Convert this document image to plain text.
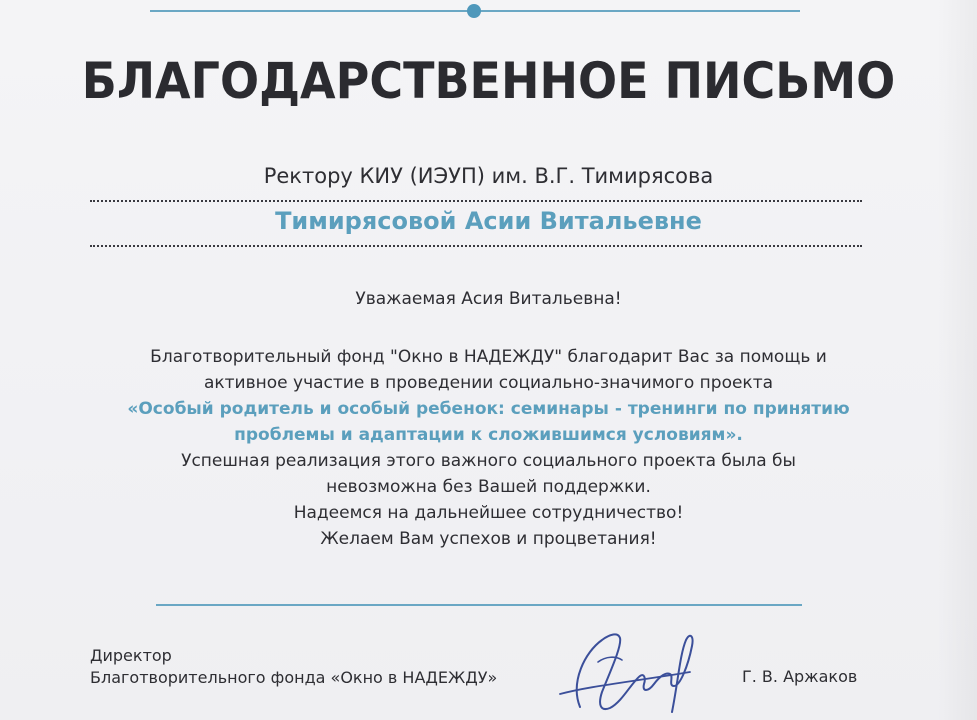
БЛАГОДАРСТВЕННОЕ ПИСЬМО
Ректору КИУ (ИЭУП) им. В.Г. Тимирясова
Тимирясовой Асии Витальевне
Уважаемая Асия Витальевна!
Благотворительный фонд "Окно в НАДЕЖДУ" благодарит Вас за помощь и
активное участие в проведении социально-значимого проекта
«Особый родитель и особый ребенок: семинары - тренинги по принятию
проблемы и адаптации к сложившимся условиям».
Успешная реализация этого важного социального проекта была бы
невозможна без Вашей поддержки.
Надеемся на дальнейшее сотрудничество!
Желаем Вам успехов и процветания!
Директор
Благотворительного фонда «Окно в НАДЕЖДУ»	Г. В. Аржаков
